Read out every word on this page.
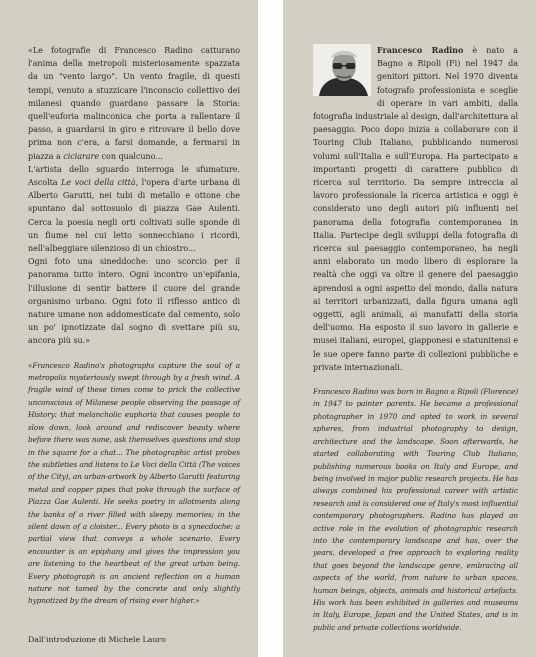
«Le fotografie di Francesco Radino catturano l'anima della metropoli misteriosamente spazzata da un "vento largo". Un vento fragile, di questi tempi, venuto a stuzzicare l'inconscio collettivo dei milanesi quando guardano passare la Storia: quell'euforia malinconica che porta a rallentare il passo, a guardarsi in giro e ritrovare il bello dove prima non c'era, a farsi domande, a fermarsi in piazza a ciciarare con qualcuno...

L'artista dello sguardo interroga le sfumature. Ascolta Le voci della città, l'opera d'arte urbana di Alberto Garutti, nei tubi di metallo e ottone che spuntano dal sottosuolo di piazza Gae Aulenti. Cerca la poesia negli orti coltivati sulle sponde di un fiume nel cui letto sonnecchiano i ricordi, nell'albeggiare silenzioso di un chiostro...

Ogni foto una sineddoche: uno scorcio per il panorama tutto intero. Ogni incontro un'epifania, l'illusione di sentir battere il cuore del grande organismo urbano. Ogni foto il riflesso antico di nature umane non addomesticate dal cemento, solo un po' ipnotizzate dal sogno di svettare più su, ancora più su.»

«Francesco Radino's photographs capture the soul of a metropolis mysteriously swept through by a fresh wind. A fragile wind of these times come to prick the collective unconscious of Milanese people observing the passage of History: that melancholic euphoria that causes people to slow down, look around and rediscover beauty where before there was none, ask themselves questions and stop in the square for a chat... The photographic artist probes the subtleties and listens to Le Voci della Città (The voices of the City), an urban-artwork by Alberto Garutti featuring metal and copper pipes that poke through the surface of Piazza Gae Aulenti. He seeks poetry in allotments along the banks of a river filled with sleepy memories; in the silent dawn of a cloister... Every photo is a synecdoche: a partial view that conveys a whole scenario. Every encounter is an epiphany and gives the impression you are listening to the heartbeat of the great urban being. Every photograph is an ancient reflection on a human nature not tamed by the concrete and only slightly hypnotized by the dream of rising ever higher.»

Dall'introduzione di Michele Lauro

Francesco Radino è nato a Bagno a Ripoli (Fi) nel 1947 da genitori pittori. Nel 1970 diventa fotografo professionista e sceglie di operare in vari ambiti, dalla fotografia industriale al design, dall'architettura al paesaggio. Poco dopo inizia a collaborare con il Touring Club Italiano, pubblicando numerosi volumi sull'Italia e sull'Europa. Ha partecipato a importanti progetti di carattere pubblico di ricerca sul territorio. Da sempre intreccia al lavoro professionale la ricerca artistica e oggi è considerato uno degli autori più influenti nel panorama della fotografia contemporanea in Italia. Partecipe degli sviluppi della fotografia di ricerca sul paesaggio contemporaneo, ha negli anni elaborato un modo libero di esplorare la realtà che oggi va oltre il genere del paesaggio aprendosi a ogni aspetto del mondo, dalla natura ai territori urbanizzati, dalla figura umana agli oggetti, agli animali, ai manufatti della storia dell'uomo. Ha esposto il suo lavoro in gallerie e musei italiani, europei, giapponesi e statunitensi e le sue opere fanno parte di collezioni pubbliche e private internazionali.

Francesco Radino was born in Bagno a Ripoli (Florence) in 1947 to painter parents. He became a professional photographer in 1970 and opted to work in several spheres, from industrial photography to design, architecture and the landscape. Soon afterwards, he started collaborating with Touring Club Italiano, publishing numerous books on Italy and Europe, and being involved in major public research projects. He has always combined his professional career with artistic research and is considered one of Italy's most influential contemporary photographers. Radino has played an active role in the evolution of photographic research into the contemporary landscape and has, over the years, developed a free approach to exploring reality that goes beyond the landscape genre, embracing all aspects of the world, from nature to urban spaces, human beings, objects, animals and historical artefacts. His work has been exhibited in galleries and museums in Italy, Europe, Japan and the United States, and is in public and private collections worldwide.
